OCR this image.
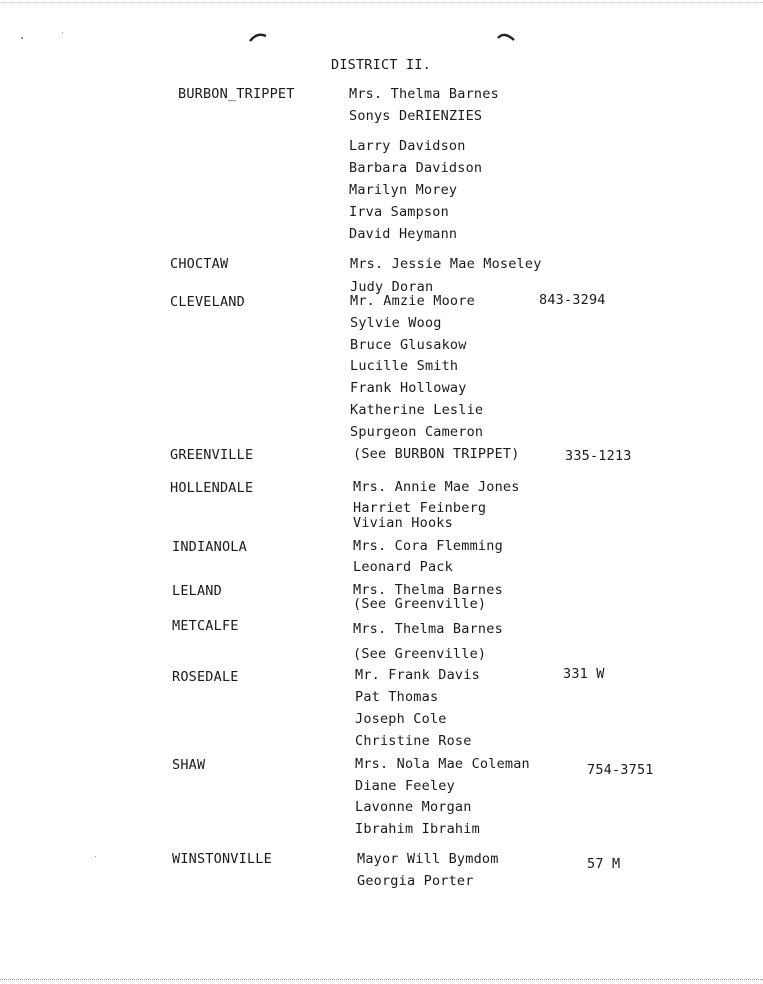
DISTRICT II.
BURBON_TRIPPET	Mrs. Thelma Barnes
Sonys DeRIENZIES
Larry Davidson
Barbara Davidson
Marilyn Morey
Irva Sampson
David Heymann
CHOCTAW	Mrs. Jessie Mae Moseley
Judy Doran
CLEVELAND	Mr. Amzie Moore	843-3294
Sylvie Woog
Bruce Glusakow
Lucille Smith
Frank Holloway
Katherine Leslie
Spurgeon Cameron
GREENVILLE	(See BURBON TRIPPET)	335-1213
HOLLENDALE	Mrs. Annie Mae Jones
Harriet Feinberg
Vivian Hooks
INDIANOLA	Mrs. Cora Flemming
Leonard Pack
LELAND	Mrs. Thelma Barnes
(See Greenville)
METCALFE	Mrs. Thelma Barnes
(See Greenville)
ROSEDALE	Mr. Frank Davis	331 W
Pat Thomas
Joseph Cole
Christine Rose
SHAW	Mrs. Nola Mae Coleman	754-3751
Diane Feeley
Lavonne Morgan
Ibrahim Ibrahim
WINSTONVILLE	Mayor Will Bymdom	57 M
Georgia Porter
